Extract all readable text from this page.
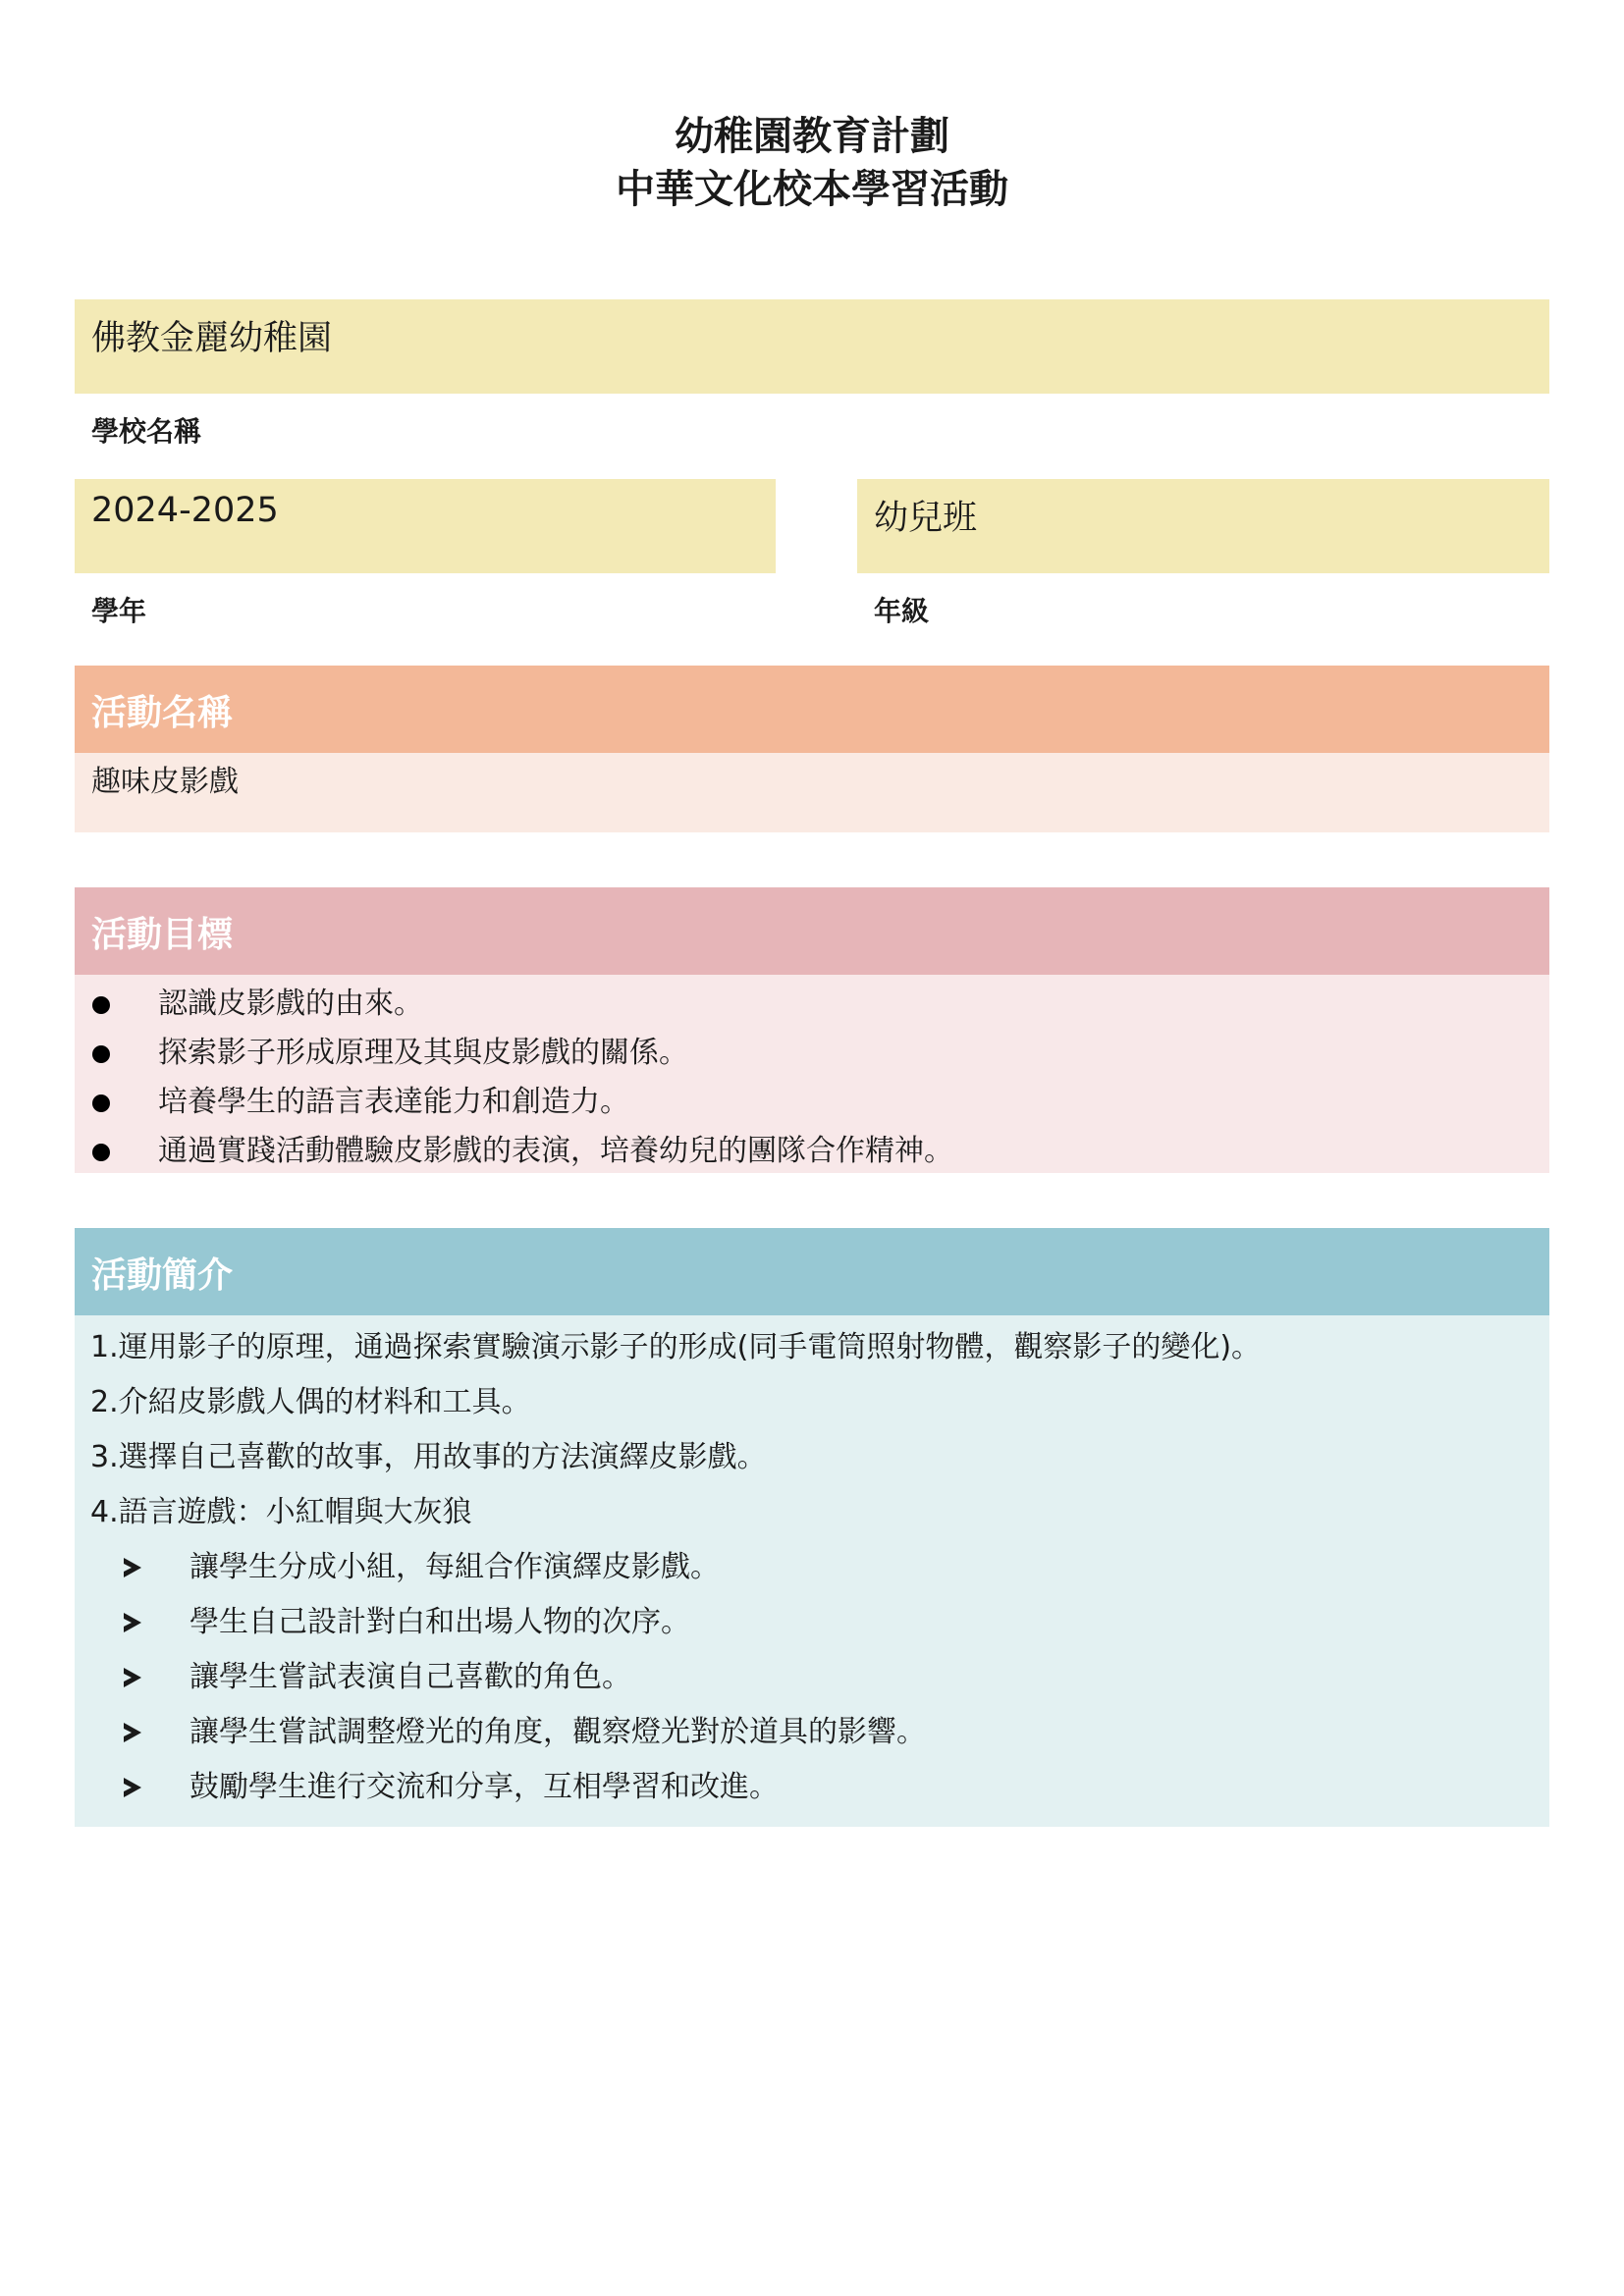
幼稚園教育計劃
中華文化校本學習活動
佛教金麗幼稚園
學校名稱
2024-2025
學年
幼兒班
年級
活動名稱
趣味皮影戲
活動目標
認識皮影戲的由來。
探索影子形成原理及其與皮影戲的關係。
培養學生的語言表達能力和創造力。
通過實踐活動體驗皮影戲的表演，培養幼兒的團隊合作精神。
活動簡介
1.運用影子的原理，通過探索實驗演示影子的形成(同手電筒照射物體，觀察影子的變化)。
2.介紹皮影戲人偶的材料和工具。
3.選擇自己喜歡的故事，用故事的方法演繹皮影戲。
4.語言遊戲：小紅帽與大灰狼
讓學生分成小組，每組合作演繹皮影戲。
學生自己設計對白和出場人物的次序。
讓學生嘗試表演自己喜歡的角色。
讓學生嘗試調整燈光的角度，觀察燈光對於道具的影響。
鼓勵學生進行交流和分享，互相學習和改進。
